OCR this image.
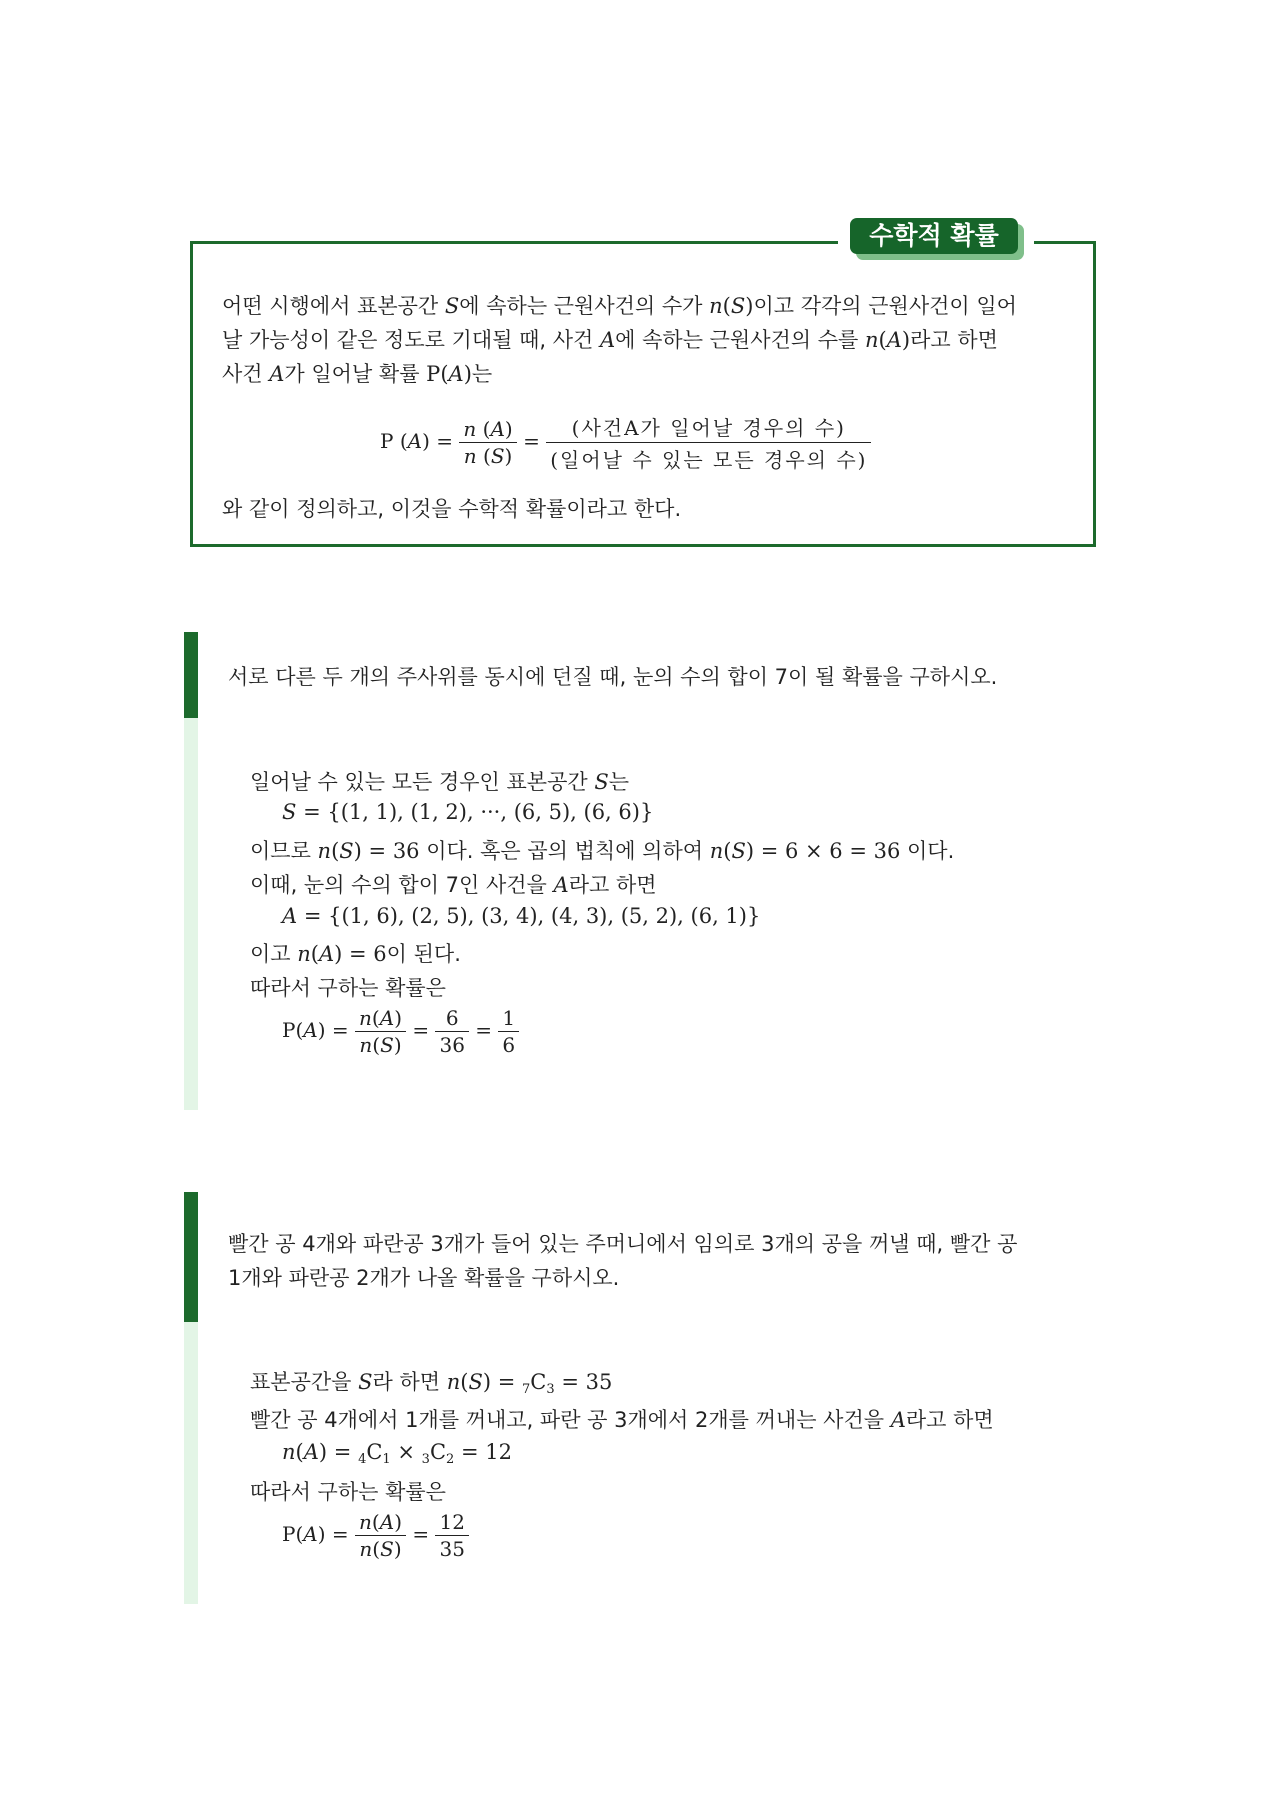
수학적 확률
어떤 시행에서 표본공간 S에 속하는 근원사건의 수가 n(S)이고 각각의 근원사건이 일어
날 가능성이 같은 정도로 기대될 때, 사건 A에 속하는 근원사건의 수를 n(A)라고 하면
사건 A가 일어날 확률 P(A)는
P $(A) = \frac{n (A)}{n (S)} = \frac{\text{(사건A가 일어날 경우의 수)}}{\text{(일어날 수 있는 모든 경우의 수)}}$
와 같이 정의하고, 이것을 수학적 확률이라고 한다.
서로 다른 두 개의 주사위를 동시에 던질 때, 눈의 수의 합이 7이 될 확률을 구하시오.
일어날 수 있는 모든 경우인 표본공간 S는
S = {(1, 1), (1, 2), ···, (6, 5), (6, 6)}
이므로 n(S) = 36 이다. 혹은 곱의 법칙에 의하여 n(S) = 6 × 6 = 36 이다.
이때, 눈의 수의 합이 7인 사건을 A라고 하면
A = {(1, 6), (2, 5), (3, 4), (4, 3), (5, 2), (6, 1)}
이고 n(A) = 6이 된다.
따라서 구하는 확률은
$P(A) = \frac{n(A)}{n(S)} = \frac{6}{36} = \frac{1}{6}$
빨간 공 4개와 파란공 3개가 들어 있는 주머니에서 임의로 3개의 공을 꺼낼 때, 빨간 공
1개와 파란공 2개가 나올 확률을 구하시오.
표본공간을 S라 하면 $n(S) = _7C_3 = 35$
빨간 공 4개에서 1개를 꺼내고, 파란 공 3개에서 2개를 꺼내는 사건을 A라고 하면
$n(A) = _4C_1 \times _3C_2 = 12$
따라서 구하는 확률은
$P(A) = \frac{n(A)}{n(S)} = \frac{12}{35}$
